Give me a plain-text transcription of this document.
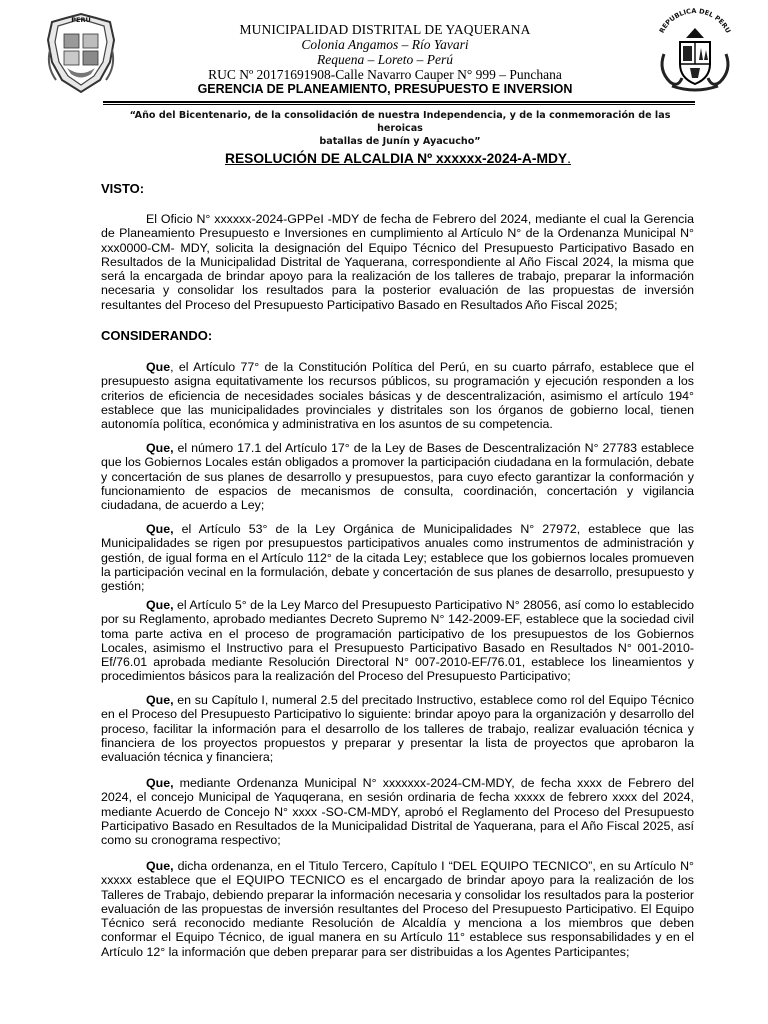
PERÚ
REPUBLICA DEL PERU
MUNICIPALIDAD DISTRITAL DE YAQUERANA
Colonia Angamos – Río Yavari
Requena – Loreto – Perú
RUC Nº 20171691908-Calle Navarro Cauper N° 999 – Punchana
GERENCIA DE PLANEAMIENTO, PRESUPUESTO E INVERSION
“Año del Bicentenario, de la consolidación de nuestra Independencia, y de la conmemoración de las heroicas
batallas de Junín y Ayacucho”
RESOLUCIÓN DE ALCALDIA Nº xxxxxx-2024-A-MDY.
VISTO:

El Oficio N° xxxxxx-2024-GPPeI -MDY de fecha de Febrero del 2024, mediante el cual la Gerencia de Planeamiento Presupuesto e Inversiones en cumplimiento al Artículo N° de la Ordenanza Municipal N° xxx0000-CM- MDY, solicita la designación del Equipo Técnico del Presupuesto Participativo Basado en Resultados de la Municipalidad Distrital de Yaquerana, correspondiente al Año Fiscal 2024, la misma que será la encargada de brindar apoyo para la realización de los talleres de trabajo, preparar la información necesaria y consolidar los resultados para la posterior evaluación de las propuestas de inversión resultantes del Proceso del Presupuesto Participativo Basado en Resultados Año Fiscal 2025;

CONSIDERANDO:

Que, el Artículo 77° de la Constitución Política del Perú, en su cuarto párrafo, establece que el presupuesto asigna equitativamente los recursos públicos, su programación y ejecución responden a los criterios de eficiencia de necesidades sociales básicas y de descentralización, asimismo el artículo 194° establece que las municipalidades provinciales y distritales son los órganos de gobierno local, tienen autonomía política, económica y administrativa en los asuntos de su competencia.

Que, el número 17.1 del Artículo 17° de la Ley de Bases de Descentralización N° 27783 establece que los Gobiernos Locales están obligados a promover la participación ciudadana en la formulación, debate y concertación de sus planes de desarrollo y presupuestos, para cuyo efecto garantizar la conformación y funcionamiento de espacios de mecanismos de consulta, coordinación, concertación y vigilancia ciudadana, de acuerdo a Ley;

Que, el Artículo 53° de la Ley Orgánica de Municipalidades N° 27972, establece que las Municipalidades se rigen por presupuestos participativos anuales como instrumentos de administración y gestión, de igual forma en el Artículo 112° de la citada Ley; establece que los gobiernos locales promueven la participación vecinal en la formulación, debate y concertación de sus planes de desarrollo, presupuesto y gestión;

Que, el Artículo 5° de la Ley Marco del Presupuesto Participativo N° 28056, así como lo establecido por su Reglamento, aprobado mediantes Decreto Supremo N° 142-2009-EF, establece que la sociedad civil toma parte activa en el proceso de programación participativo de los presupuestos de los Gobiernos Locales, asimismo el Instructivo para el Presupuesto Participativo Basado en Resultados N° 001-2010-Ef/76.01 aprobada mediante Resolución Directoral N° 007-2010-EF/76.01, establece los lineamientos y procedimientos básicos para la realización del Proceso del Presupuesto Participativo;

Que, en su Capítulo I, numeral 2.5 del precitado Instructivo, establece como rol del Equipo Técnico en el Proceso del Presupuesto Participativo lo siguiente: brindar apoyo para la organización y desarrollo del proceso, facilitar la información para el desarrollo de los talleres de trabajo, realizar evaluación técnica y financiera de los proyectos propuestos y preparar y presentar la lista de proyectos que aprobaron la evaluación técnica y financiera;

Que, mediante Ordenanza Municipal N° xxxxxxx-2024-CM-MDY, de fecha xxxx de Febrero del 2024, el concejo Municipal de Yaquqerana, en sesión ordinaria de fecha xxxxx de febrero xxxx del 2024, mediante Acuerdo de Concejo N° xxxx -SO-CM-MDY, aprobó el Reglamento del Proceso del Presupuesto Participativo Basado en Resultados de la Municipalidad Distrital de Yaquerana, para el Año Fiscal 2025, así como su cronograma respectivo;

Que, dicha ordenanza, en el Titulo Tercero, Capítulo I “DEL EQUIPO TECNICO”, en su Artículo N° xxxxx establece que el EQUIPO TECNICO es el encargado de brindar apoyo para la realización de los Talleres de Trabajo, debiendo preparar la información necesaria y consolidar los resultados para la posterior evaluación de las propuestas de inversión resultantes del Proceso del Presupuesto Participativo. El Equipo Técnico será reconocido mediante Resolución de Alcaldía y menciona a los miembros que deben conformar el Equipo Técnico, de igual manera en su Artículo 11° establece sus responsabilidades y en el Artículo 12° la información que deben preparar para ser distribuidas a los Agentes Participantes;
